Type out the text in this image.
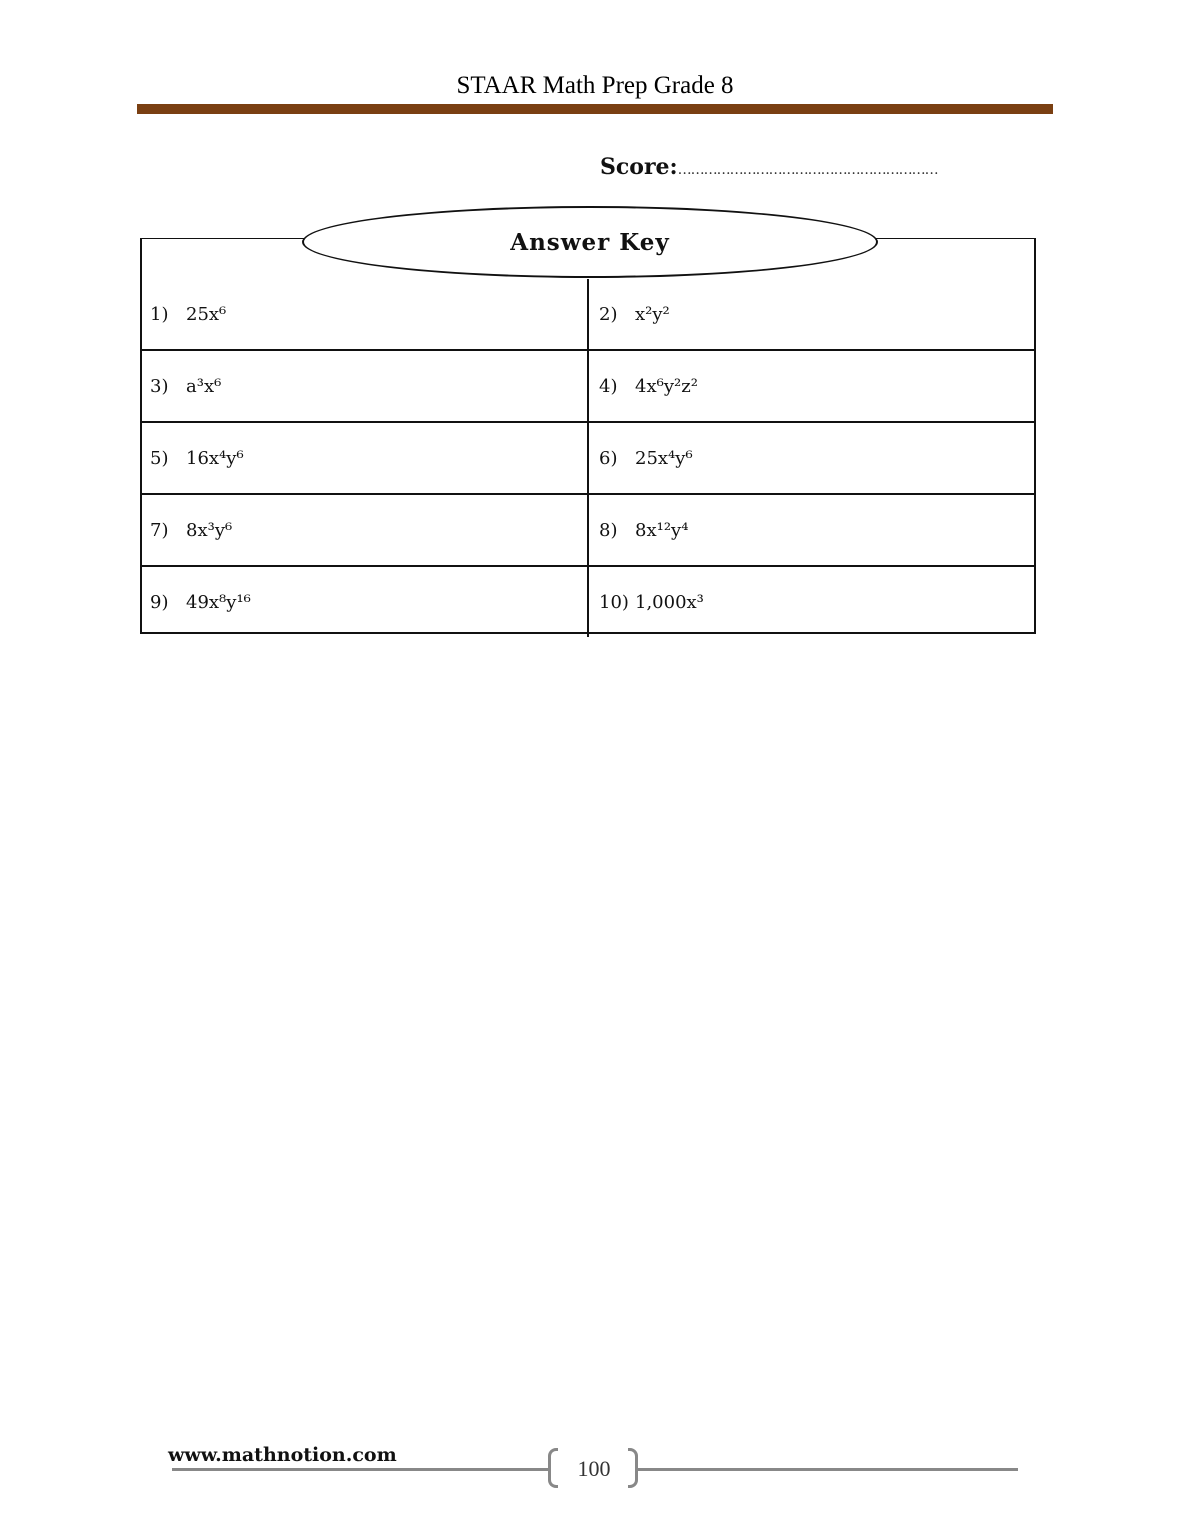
STAAR Math Prep Grade 8
Score:……………………………………………………
Answer Key
1) 25x⁶	2) x²y²
3) a³x⁶	4) 4x⁶y²z²
5) 16x⁴y⁶	6) 25x⁴y⁶
7) 8x³y⁶	8) 8x¹²y⁴
9) 49x⁸y¹⁶	10) 1,000x³
www.mathnotion.com
100
